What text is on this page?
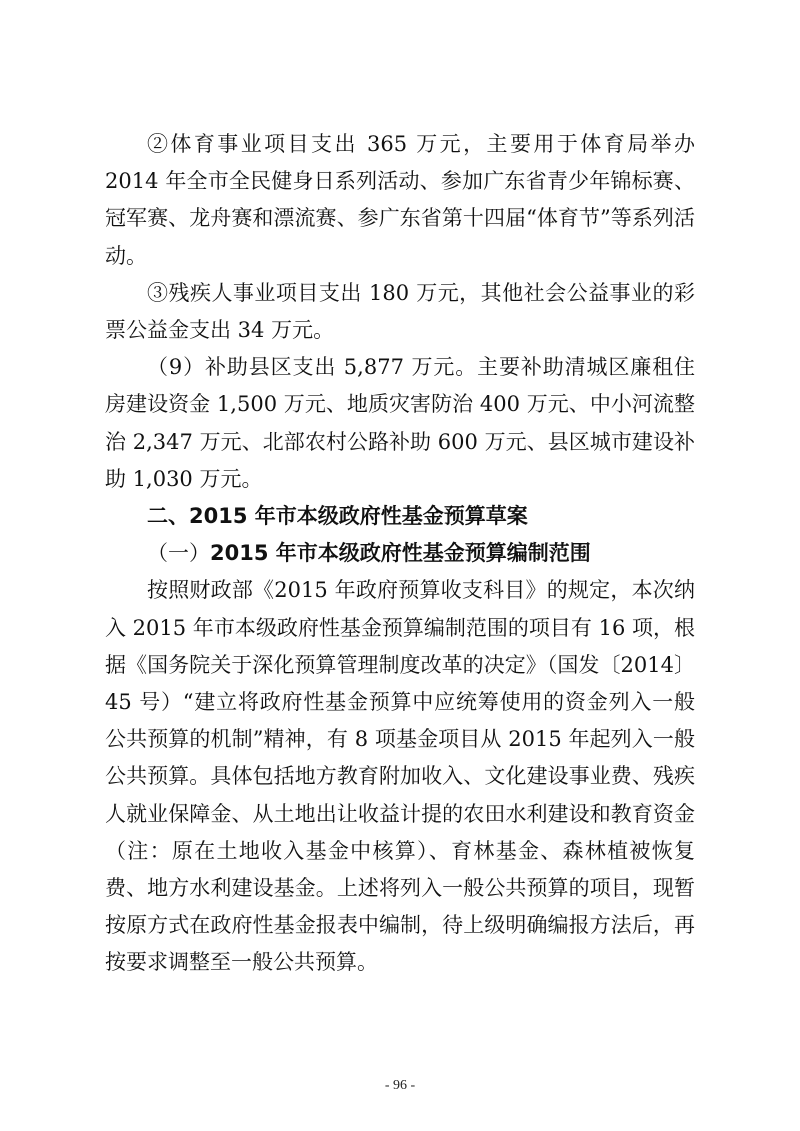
②体育事业项目支出 365 万元，主要用于体育局举办 2014 年全市全民健身日系列活动、参加广东省青少年锦标赛、冠军赛、龙舟赛和漂流赛、参广东省第十四届“体育节”等系列活动。

③残疾人事业项目支出 180 万元，其他社会公益事业的彩票公益金支出 34 万元。

（9）补助县区支出 5,877 万元。主要补助清城区廉租住房建设资金 1,500 万元、地质灾害防治 400 万元、中小河流整治 2,347 万元、北部农村公路补助 600 万元、县区城市建设补助 1,030 万元。

二、2015 年市本级政府性基金预算草案

（一）2015 年市本级政府性基金预算编制范围

按照财政部《2015 年政府预算收支科目》的规定，本次纳入 2015 年市本级政府性基金预算编制范围的项目有 16 项，根据《国务院关于深化预算管理制度改革的决定》（国发〔2014〕45 号）“建立将政府性基金预算中应统筹使用的资金列入一般公共预算的机制”精神，有 8 项基金项目从 2015 年起列入一般公共预算。具体包括地方教育附加收入、文化建设事业费、残疾人就业保障金、从土地出让收益计提的农田水利建设和教育资金（注：原在土地收入基金中核算）、育林基金、森林植被恢复费、地方水利建设基金。上述将列入一般公共预算的项目，现暂按原方式在政府性基金报表中编制，待上级明确编报方法后，再按要求调整至一般公共预算。

- 96 -
